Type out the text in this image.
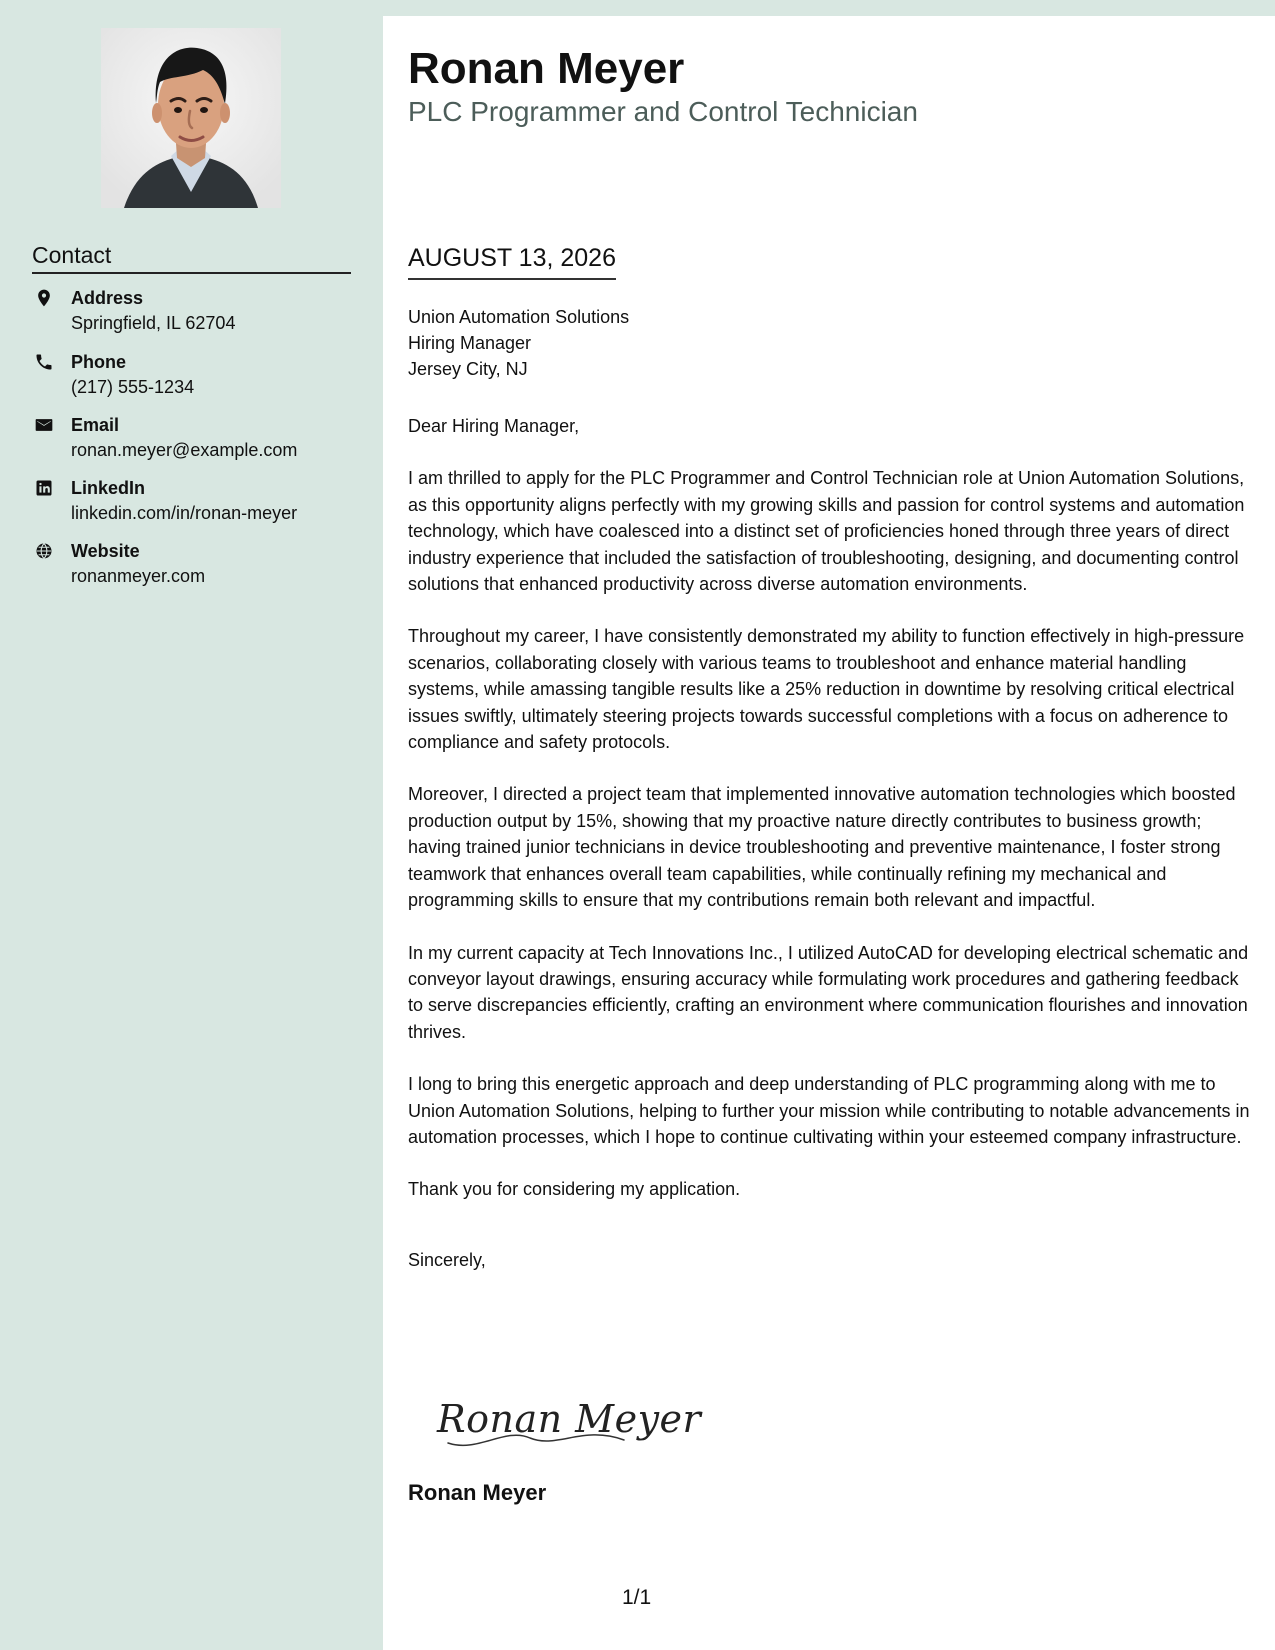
Contact
Address
Springfield, IL 62704
Phone
(217) 555-1234
Email
ronan.meyer@example.com
LinkedIn
linkedin.com/in/ronan-meyer
Website
ronanmeyer.com
Ronan Meyer
PLC Programmer and Control Technician
AUGUST 13, 2026
Union Automation Solutions
Hiring Manager
Jersey City, NJ

Dear Hiring Manager,

I am thrilled to apply for the PLC Programmer and Control Technician role at Union Automation Solutions, as this opportunity aligns perfectly with my growing skills and passion for control systems and automation technology, which have coalesced into a distinct set of proficiencies honed through three years of direct industry experience that included the satisfaction of troubleshooting, designing, and documenting control solutions that enhanced productivity across diverse automation environments.

Throughout my career, I have consistently demonstrated my ability to function effectively in high-pressure scenarios, collaborating closely with various teams to troubleshoot and enhance material handling systems, while amassing tangible results like a 25% reduction in downtime by resolving critical electrical issues swiftly, ultimately steering projects towards successful completions with a focus on adherence to compliance and safety protocols.

Moreover, I directed a project team that implemented innovative automation technologies which boosted production output by 15%, showing that my proactive nature directly contributes to business growth; having trained junior technicians in device troubleshooting and preventive maintenance, I foster strong teamwork that enhances overall team capabilities, while continually refining my mechanical and programming skills to ensure that my contributions remain both relevant and impactful.

In my current capacity at Tech Innovations Inc., I utilized AutoCAD for developing electrical schematic and conveyor layout drawings, ensuring accuracy while formulating work procedures and gathering feedback to serve discrepancies efficiently, crafting an environment where communication flourishes and innovation thrives.

I long to bring this energetic approach and deep understanding of PLC programming along with me to Union Automation Solutions, helping to further your mission while contributing to notable advancements in automation processes, which I hope to continue cultivating within your esteemed company infrastructure.

Thank you for considering my application.

Sincerely,

Ronan Meyer
Ronan Meyer
1/1
